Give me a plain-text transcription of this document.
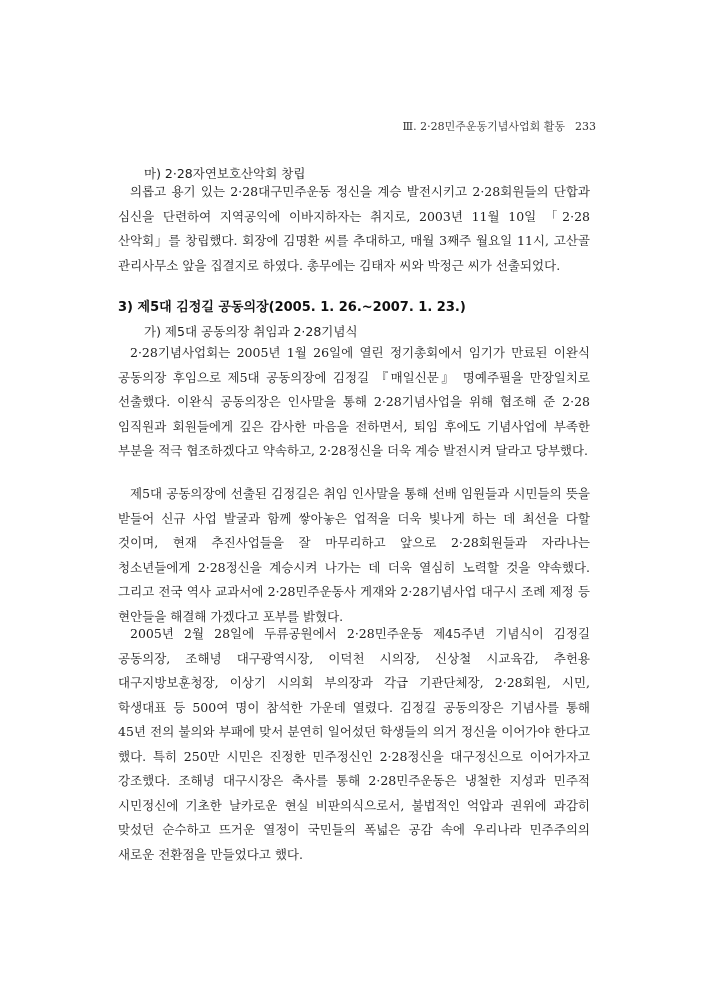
Ⅲ. 2·28민주운동기념사업회 활동 233
마) 2·28자연보호산악회 창립

의롭고 용기 있는 2·28대구민주운동 정신을 계승 발전시키고 2·28회원들의 단합과 심신을 단련하여 지역공익에 이바지하자는 취지로, 2003년 11월 10일 「2·28 산악회」를 창립했다. 회장에 김명환 씨를 추대하고, 매월 3째주 월요일 11시, 고산골 관리사무소 앞을 집결지로 하였다. 총무에는 김태자 씨와 박정근 씨가 선출되었다.

3) 제5대 김정길 공동의장(2005. 1. 26.~2007. 1. 23.)
가) 제5대 공동의장 취임과 2·28기념식

2·28기념사업회는 2005년 1월 26일에 열린 정기총회에서 임기가 만료된 이완식 공동의장 후임으로 제5대 공동의장에 김정길 『매일신문』 명예주필을 만장일치로 선출했다. 이완식 공동의장은 인사말을 통해 2·28기념사업을 위해 협조해 준 2·28 임직원과 회원들에게 깊은 감사한 마음을 전하면서, 퇴임 후에도 기념사업에 부족한 부분을 적극 협조하겠다고 약속하고, 2·28정신을 더욱 계승 발전시켜 달라고 당부했다.

제5대 공동의장에 선출된 김정길은 취임 인사말을 통해 선배 임원들과 시민들의 뜻을 받들어 신규 사업 발굴과 함께 쌓아놓은 업적을 더욱 빛나게 하는 데 최선을 다할 것이며, 현재 추진사업들을 잘 마무리하고 앞으로 2·28회원들과 자라나는 청소년들에게 2·28정신을 계승시켜 나가는 데 더욱 열심히 노력할 것을 약속했다. 그리고 전국 역사 교과서에 2·28민주운동사 게재와 2·28기념사업 대구시 조례 제정 등 현안들을 해결해 가겠다고 포부를 밝혔다.

2005년 2월 28일에 두류공원에서 2·28민주운동 제45주년 기념식이 김정길 공동의장, 조해녕 대구광역시장, 이덕천 시의장, 신상철 시교육감, 추헌용 대구지방보훈청장, 이상기 시의회 부의장과 각급 기관단체장, 2·28회원, 시민, 학생대표 등 500여 명이 참석한 가운데 열렸다. 김정길 공동의장은 기념사를 통해 45년 전의 불의와 부패에 맞서 분연히 일어섰던 학생들의 의거 정신을 이어가야 한다고 했다. 특히 250만 시민은 진정한 민주정신인 2·28정신을 대구정신으로 이어가자고 강조했다. 조해녕 대구시장은 축사를 통해 2·28민주운동은 냉철한 지성과 민주적 시민정신에 기초한 날카로운 현실 비판의식으로서, 불법적인 억압과 권위에 과감히 맞섰던 순수하고 뜨거운 열정이 국민들의 폭넓은 공감 속에 우리나라 민주주의의 새로운 전환점을 만들었다고 했다.
